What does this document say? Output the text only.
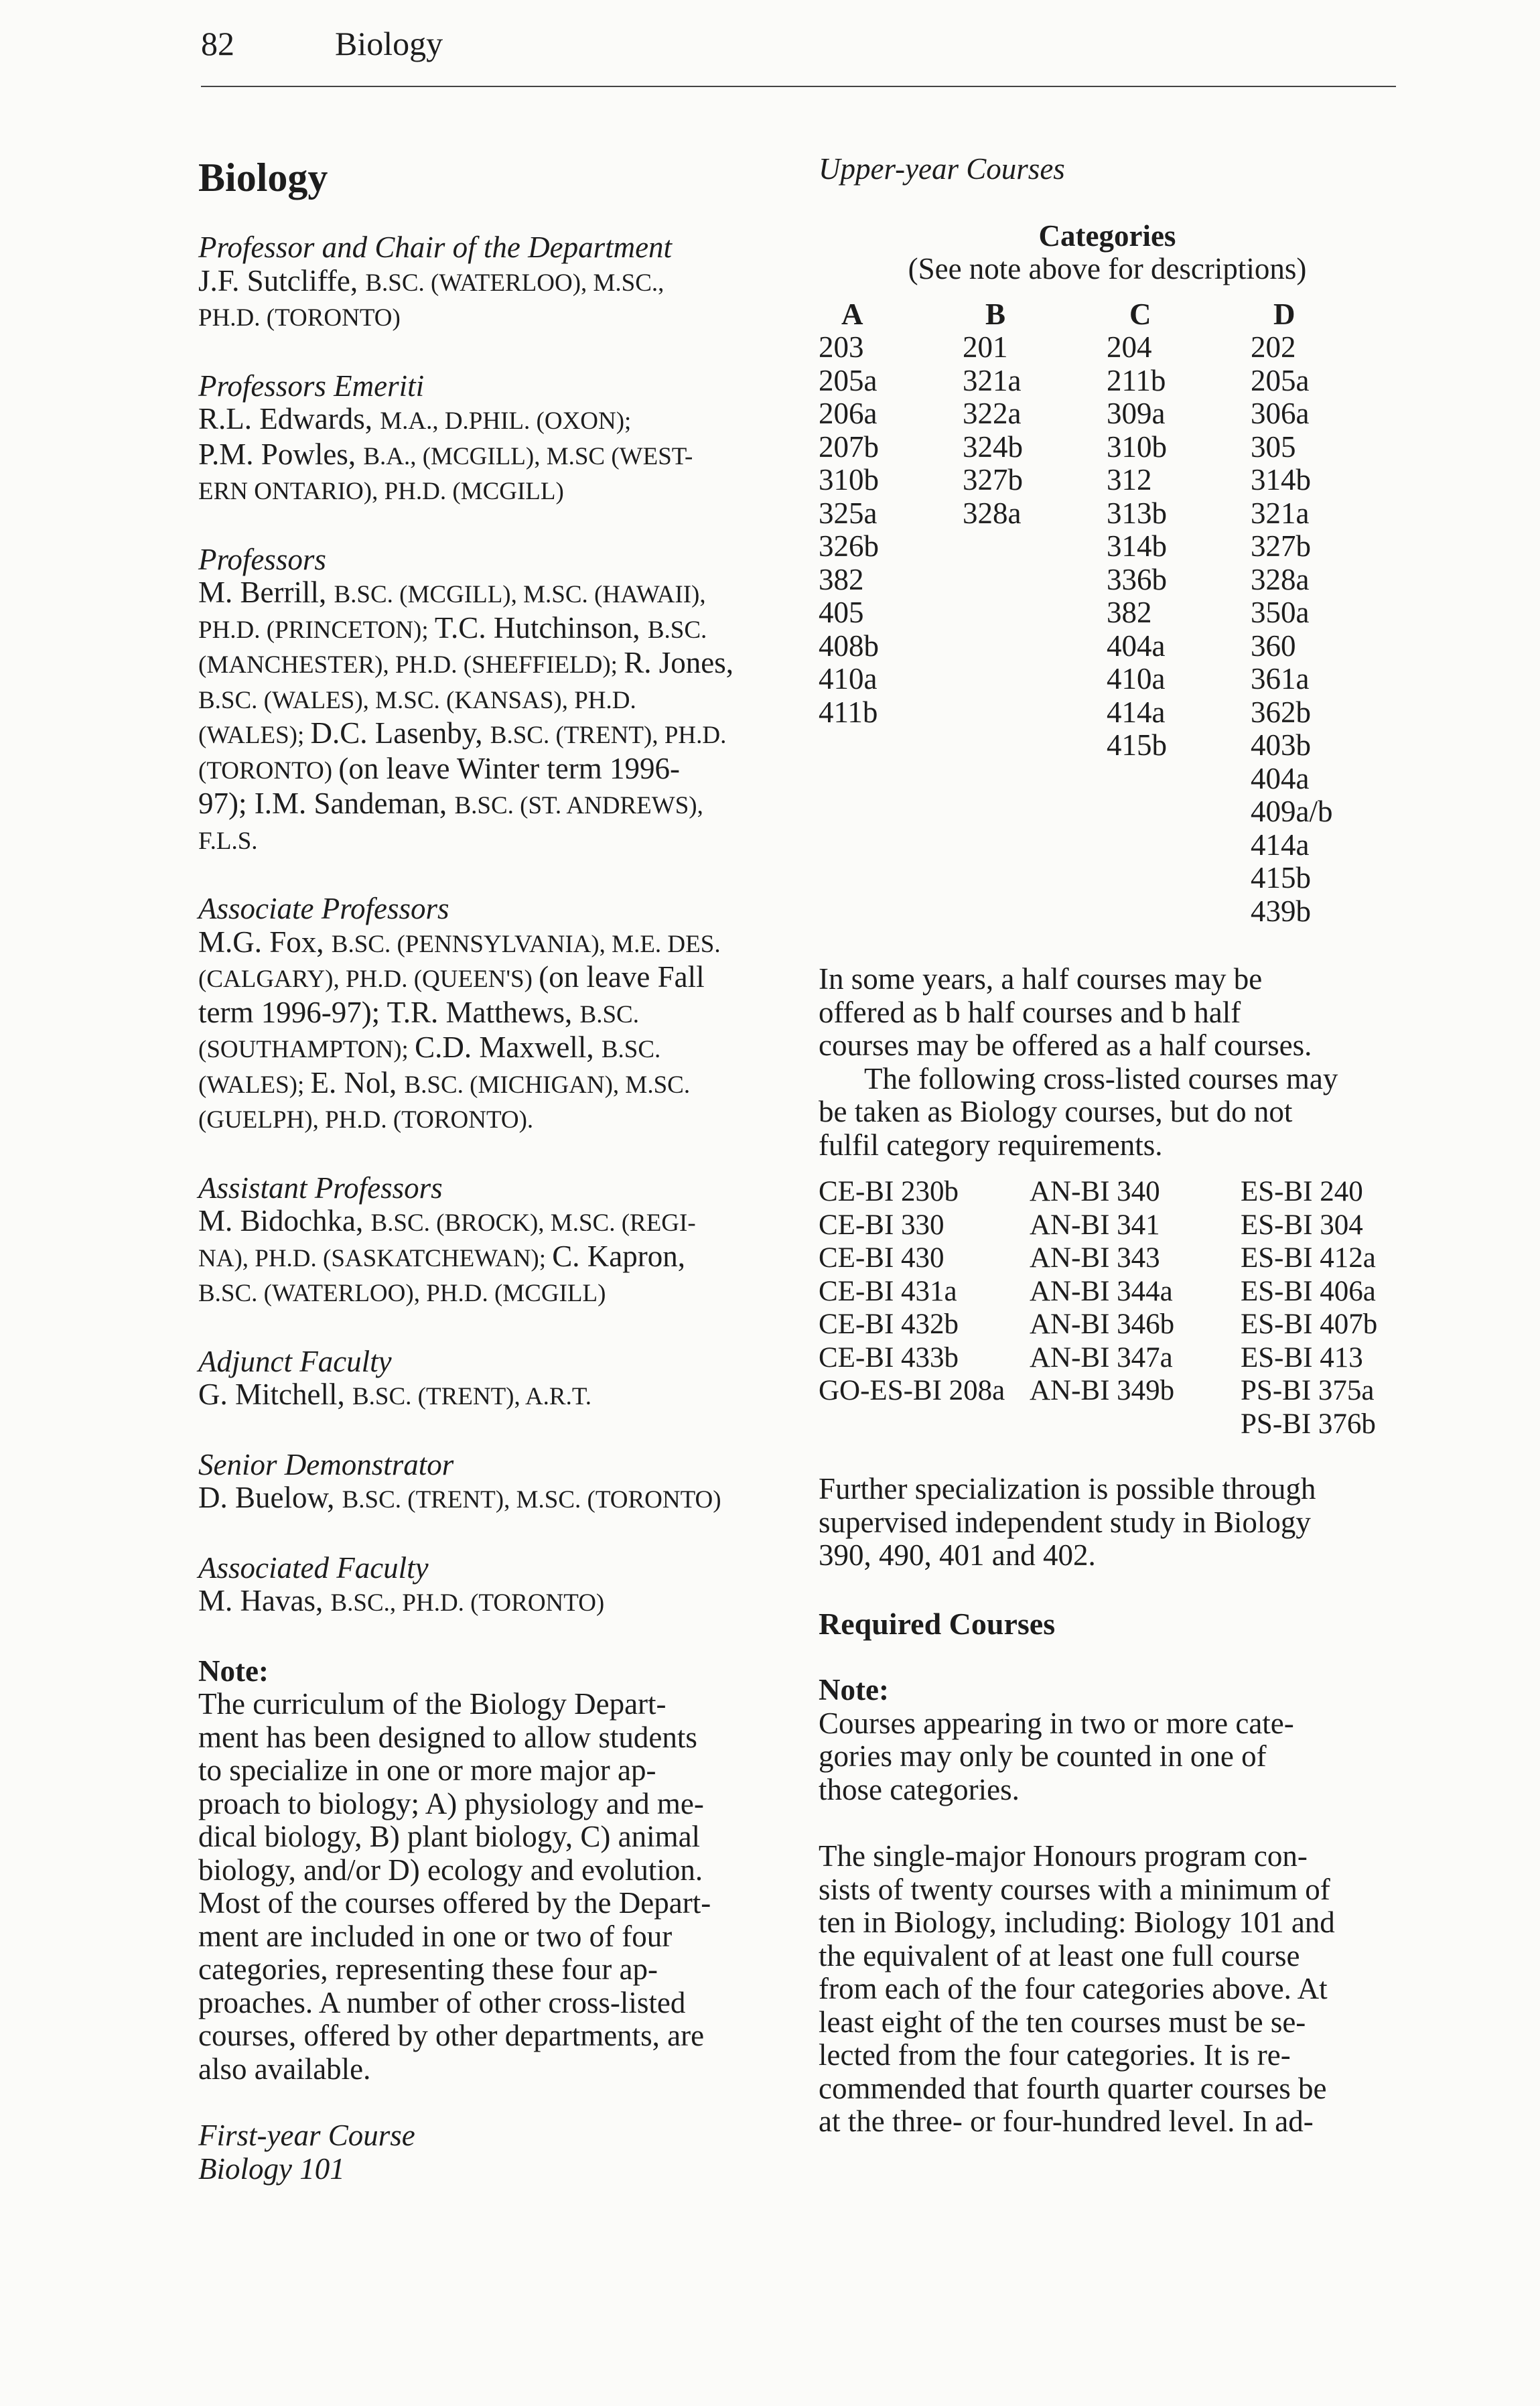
82	Biology
Biology
Professor and Chair of the Department
J.F. Sutcliffe, B.SC. (WATERLOO), M.SC.,
PH.D. (TORONTO)
Professors Emeriti
R.L. Edwards, M.A., D.PHIL. (OXON);
P.M. Powles, B.A., (MCGILL), M.SC (WEST-
ERN ONTARIO), PH.D. (MCGILL)
Professors
M. Berrill, B.SC. (MCGILL), M.SC. (HAWAII),
PH.D. (PRINCETON); T.C. Hutchinson, B.SC.
(MANCHESTER), PH.D. (SHEFFIELD); R. Jones,
B.SC. (WALES), M.SC. (KANSAS), PH.D.
(WALES); D.C. Lasenby, B.SC. (TRENT), PH.D.
(TORONTO) (on leave Winter term 1996-
97); I.M. Sandeman, B.SC. (ST. ANDREWS),
F.L.S.
Associate Professors
M.G. Fox, B.SC. (PENNSYLVANIA), M.E. DES.
(CALGARY), PH.D. (QUEEN'S) (on leave Fall
term 1996-97); T.R. Matthews, B.SC.
(SOUTHAMPTON); C.D. Maxwell, B.SC.
(WALES); E. Nol, B.SC. (MICHIGAN), M.SC.
(GUELPH), PH.D. (TORONTO).
Assistant Professors
M. Bidochka, B.SC. (BROCK), M.SC. (REGI-
NA), PH.D. (SASKATCHEWAN); C. Kapron,
B.SC. (WATERLOO), PH.D. (MCGILL)
Adjunct Faculty
G. Mitchell, B.SC. (TRENT), A.R.T.
Senior Demonstrator
D. Buelow, B.SC. (TRENT), M.SC. (TORONTO)
Associated Faculty
M. Havas, B.SC., PH.D. (TORONTO)
Note:
The curriculum of the Biology Depart-
ment has been designed to allow students
to specialize in one or more major ap-
proach to biology; A) physiology and me-
dical biology, B) plant biology, C) animal
biology, and/or D) ecology and evolution.
Most of the courses offered by the Depart-
ment are included in one or two of four
categories, representing these four ap-
proaches. A number of other cross-listed
courses, offered by other departments, are
also available.
First-year Course
Biology 101
Upper-year Courses
Categories
(See note above for descriptions)
A
203
205a
206a
207b
310b
325a
326b
382
405
408b
410a
411b
B
201
321a
322a
324b
327b
328a
C
204
211b
309a
310b
312
313b
314b
336b
382
404a
410a
414a
415b
D
202
205a
306a
305
314b
321a
327b
328a
350a
360
361a
362b
403b
404a
409a/b
414a
415b
439b
In some years, a half courses may be
offered as b half courses and b half
courses may be offered as a half courses.
The following cross-listed courses may
be taken as Biology courses, but do not
fulfil category requirements.
CE-BI 230b
CE-BI 330
CE-BI 430
CE-BI 431a
CE-BI 432b
CE-BI 433b
GO-ES-BI 208a
AN-BI 340
AN-BI 341
AN-BI 343
AN-BI 344a
AN-BI 346b
AN-BI 347a
AN-BI 349b
ES-BI 240
ES-BI 304
ES-BI 412a
ES-BI 406a
ES-BI 407b
ES-BI 413
PS-BI 375a
PS-BI 376b
Further specialization is possible through
supervised independent study in Biology
390, 490, 401 and 402.
Required Courses
Note:
Courses appearing in two or more cate-
gories may only be counted in one of
those categories.
The single-major Honours program con-
sists of twenty courses with a minimum of
ten in Biology, including: Biology 101 and
the equivalent of at least one full course
from each of the four categories above. At
least eight of the ten courses must be se-
lected from the four categories. It is re-
commended that fourth quarter courses be
at the three- or four-hundred level. In ad-
